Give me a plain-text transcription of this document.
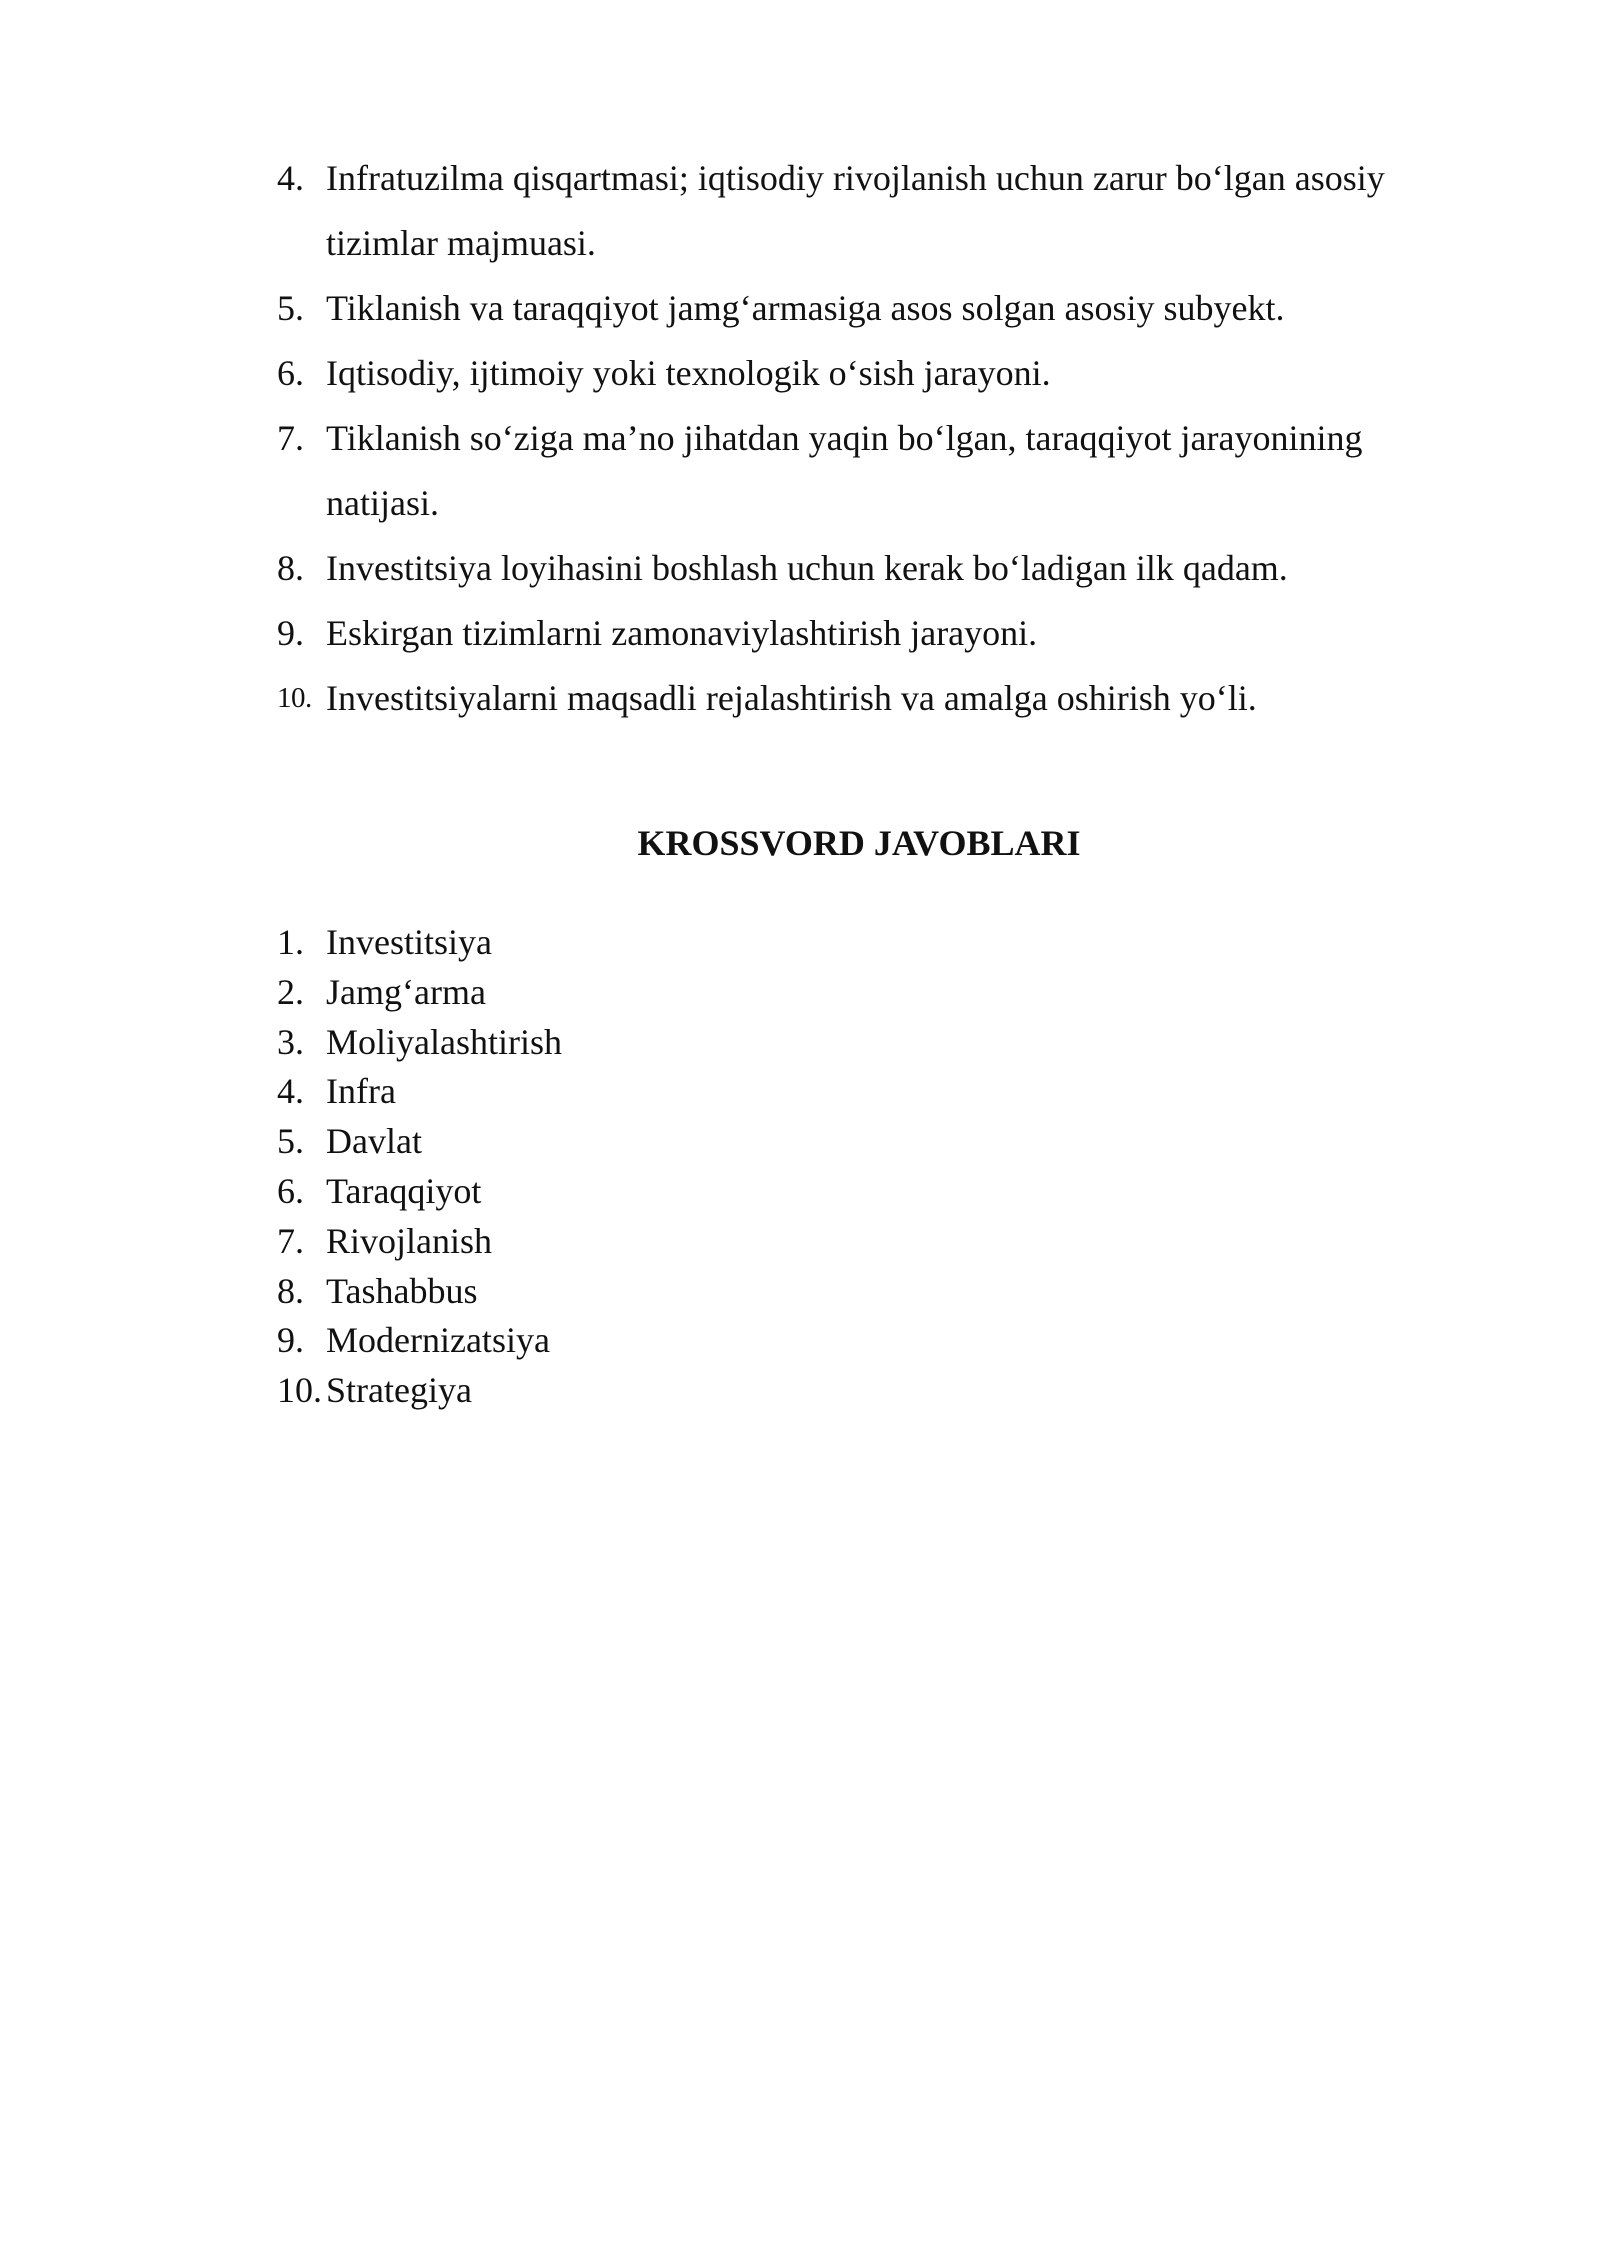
4. Infratuzilma qisqartmasi; iqtisodiy rivojlanish uchun zarur bo‘lgan asosiy tizimlar majmuasi.
5. Tiklanish va taraqqiyot jamg‘armasiga asos solgan asosiy subyekt.
6. Iqtisodiy, ijtimoiy yoki texnologik o‘sish jarayoni.
7. Tiklanish so‘ziga ma’no jihatdan yaqin bo‘lgan, taraqqiyot jarayonining natijasi.
8. Investitsiya loyihasini boshlash uchun kerak bo‘ladigan ilk qadam.
9. Eskirgan tizimlarni zamonaviylashtirish jarayoni.
10. Investitsiyalarni maqsadli rejalashtirish va amalga oshirish yo‘li.
KROSSVORD JAVOBLARI
1. Investitsiya
2. Jamg‘arma
3. Moliyalashtirish
4. Infra
5. Davlat
6. Taraqqiyot
7. Rivojlanish
8. Tashabbus
9. Modernizatsiya
10. Strategiya
